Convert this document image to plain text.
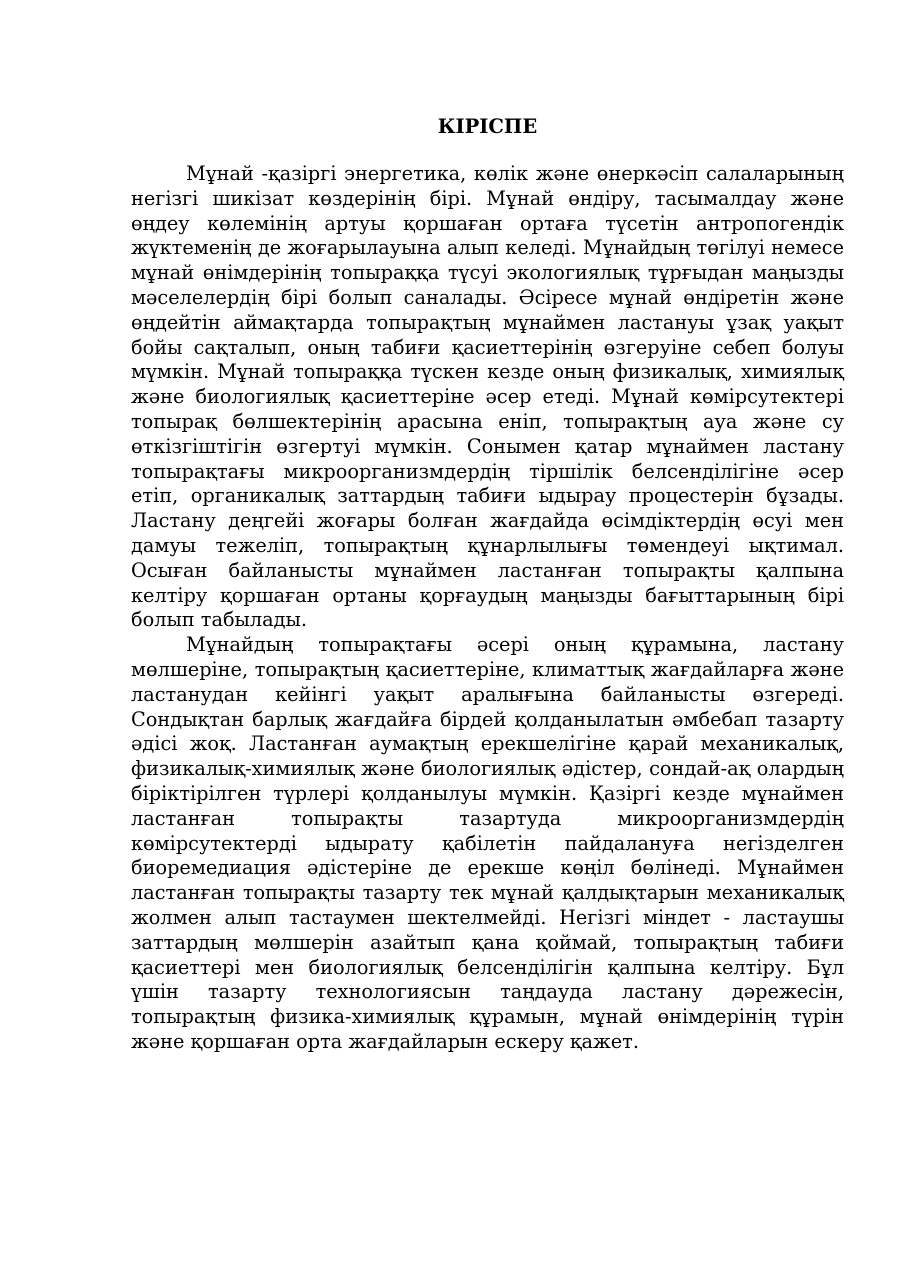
КІРІСПЕ

Мұнай -қазіргі энергетика, көлік және өнеркәсіп салаларының негізгі шикізат көздерінің бірі. Мұнай өндіру, тасымалдау және өңдеу көлемінің артуы қоршаған ортаға түсетін антропогендік жүктеменің де жоғарылауына алып келеді. Мұнайдың төгілуі немесе мұнай өнімдерінің топыраққа түсуі экологиялық тұрғыдан маңызды мәселелердің бірі болып саналады. Әсіресе мұнай өндіретін және өңдейтін аймақтарда топырақтың мұнаймен ластануы ұзақ уақыт бойы сақталып, оның табиғи қасиеттерінің өзгеруіне себеп болуы мүмкін. Мұнай топыраққа түскен кезде оның физикалық, химиялық және биологиялық қасиеттеріне әсер етеді. Мұнай көмірсутектері топырақ бөлшектерінің арасына еніп, топырақтың ауа және су өткізгіштігін өзгертуі мүмкін. Сонымен қатар мұнаймен ластану топырақтағы микроорганизмдердің тіршілік белсенділігіне әсер етіп, органикалық заттардың табиғи ыдырау процестерін бұзады. Ластану деңгейі жоғары болған жағдайда өсімдіктердің өсуі мен дамуы тежеліп, топырақтың құнарлылығы төмендеуі ықтимал. Осыған байланысты мұнаймен ластанған топырақты қалпына келтіру қоршаған ортаны қорғаудың маңызды бағыттарының бірі болып табылады.

Мұнайдың топырақтағы әсері оның құрамына, ластану мөлшеріне, топырақтың қасиеттеріне, климаттық жағдайларға және ластанудан кейінгі уақыт аралығына байланысты өзгереді. Сондықтан барлық жағдайға бірдей қолданылатын әмбебап тазарту әдісі жоқ. Ластанған аумақтың ерекшелігіне қарай механикалық, физикалық-химиялық және биологиялық әдістер, сондай-ақ олардың біріктірілген түрлері қолданылуы мүмкін. Қазіргі кезде мұнаймен ластанған топырақты тазартуда микроорганизмдердің көмірсутектерді ыдырату қабілетін пайдалануға негізделген биоремедиация әдістеріне де ерекше көңіл бөлінеді. Мұнаймен ластанған топырақты тазарту тек мұнай қалдықтарын механикалық жолмен алып тастаумен шектелмейді. Негізгі міндет - ластаушы заттардың мөлшерін азайтып қана қоймай, топырақтың табиғи қасиеттері мен биологиялық белсенділігін қалпына келтіру. Бұл үшін тазарту технологиясын таңдауда ластану дәрежесін, топырақтың физика-химиялық құрамын, мұнай өнімдерінің түрін және қоршаған орта жағдайларын ескеру қажет.
